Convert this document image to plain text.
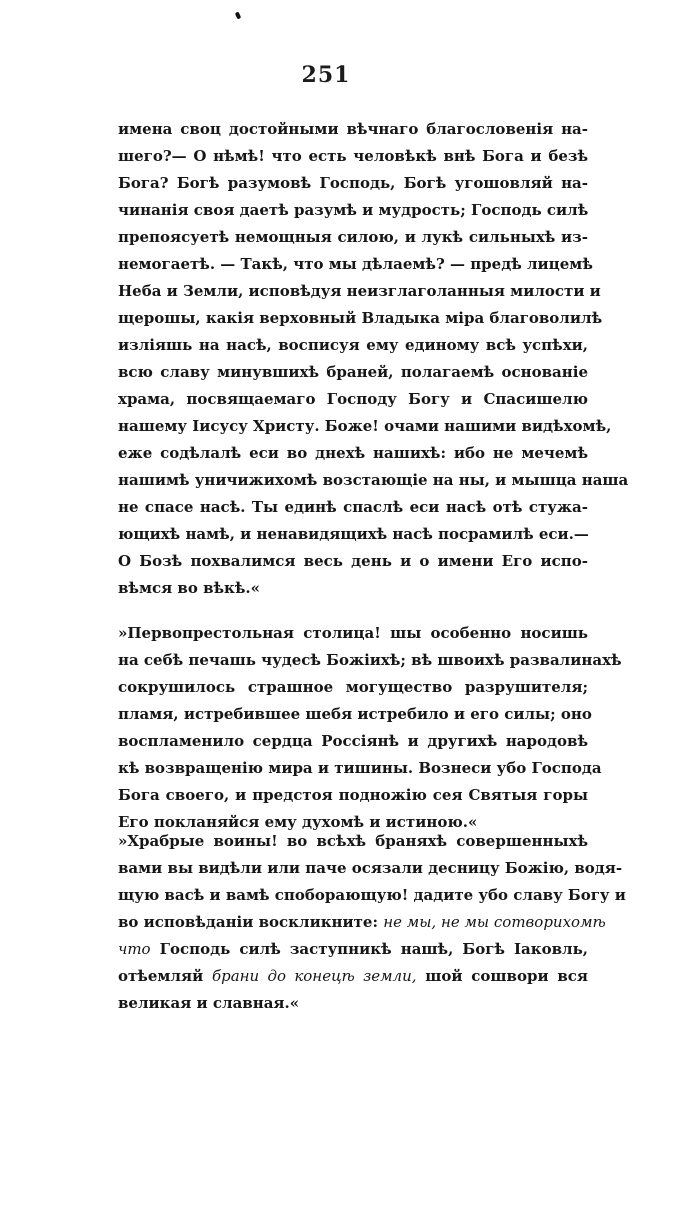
251
имена своц достойными вѣчнаго благословенія на-
шего?— О нѣмѣ! что есть человѣкѣ внѣ Бога и безѣ
Бога? Богѣ разумовѣ Господь, Богѣ угошовляй на-
чинанія своя даетѣ разумѣ и мудрость; Господь силѣ
препоясуетѣ немощныя силою, и лукѣ сильныхѣ из-
немогаетѣ. — Такѣ, что мы дѣлаемѣ? — предѣ лицемѣ
Неба и Земли, исповѣдуя неизглаголанныя милости и
щерошы, какія верховный Владыка міра благоволилѣ
изліяшь на насѣ, восписуя ему единому всѣ успѣхи,
всю славу минувшихѣ браней, полагаемѣ основаніе
храма, посвящаемаго Господу Богу и Спасишелю
нашему Іисусу Христу. Боже! очами нашими видѣхомѣ,
еже содѣлалѣ еси во днехѣ нашихѣ: ибо не мечемѣ
нашимѣ уничижихомѣ возстающіе на ны, и мышца наша
не спасе насѣ. Ты единѣ спаслѣ еси насѣ отѣ стужа-
ющихѣ намѣ, и ненавидящихѣ насѣ посрамилѣ еси.—
О Бозѣ похвалимся весь день и о имени Его испо-
вѣмся во вѣкѣ.«
»Первопрестольная столица! шы особенно носишь
на себѣ печашь чудесѣ Божіихѣ; вѣ швоихѣ развалинахѣ
сокрушилось страшное могущество разрушителя;
пламя, истребившее шебя истребило и его силы; оно
воспламенило сердца Россіянѣ и другихѣ народовѣ
кѣ возвращенію мира и тишины. Вознеси убо Господа
Бога своего, и предстоя подножію сея Святыя горы
Его покланяйся ему духомѣ и истиною.«
»Храбрые воины! во всѣхѣ браняхѣ совершенныхѣ
вами вы видѣли или паче осязали десницу Божію, водя-
щую васѣ и вамѣ споборающую! дадите убо славу Богу и
во исповѣданіи воскликните: не мы, не мы сотворихомѣ
что Господь силѣ заступникѣ нашѣ, Богѣ Іаковль,
отѣемляй брани до конецѣ земли, шой сошвори вся
великая и славная.«
